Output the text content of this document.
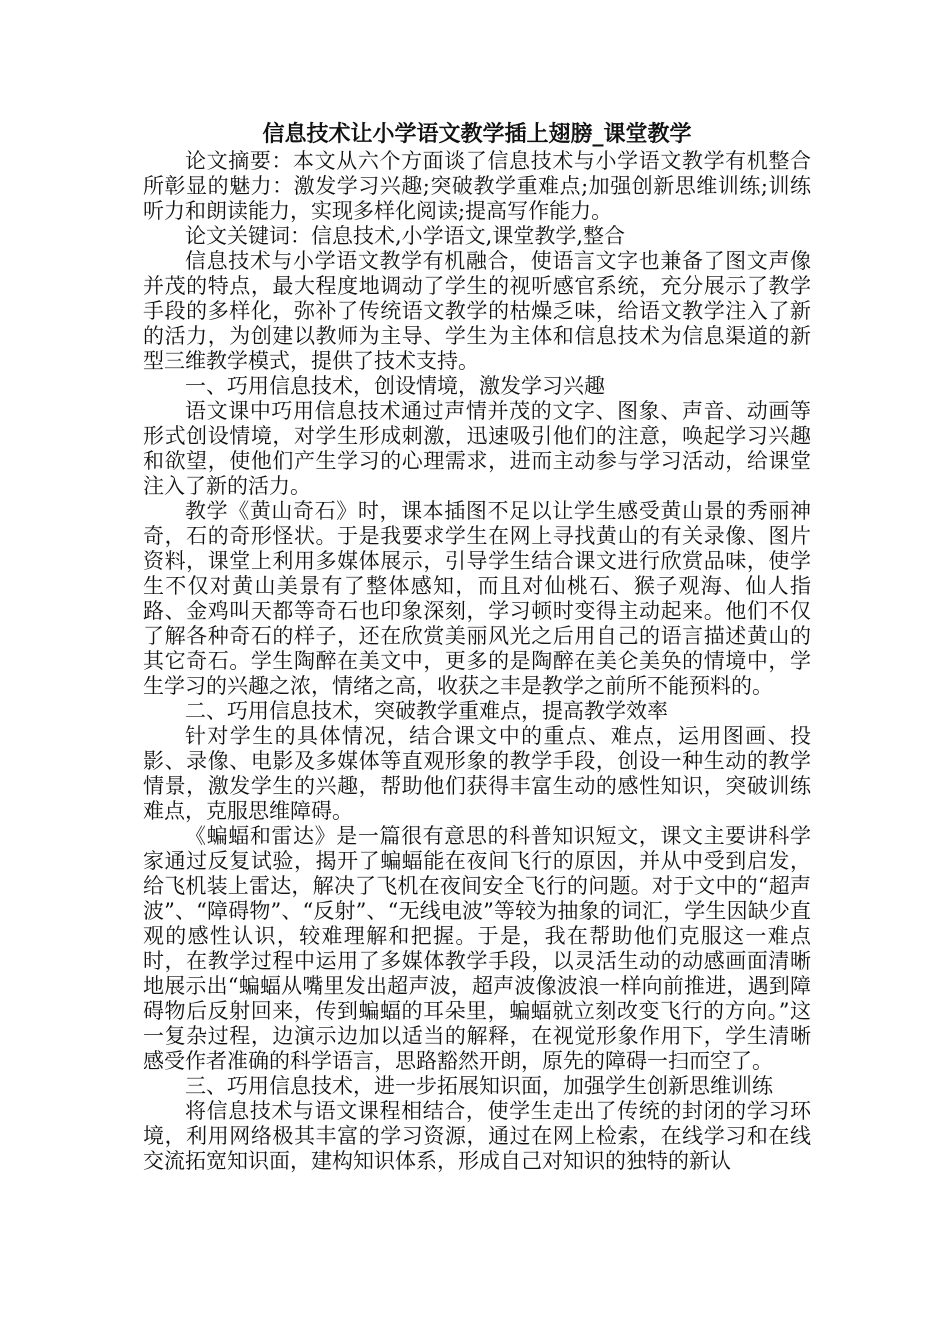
信息技术让小学语文教学插上翅膀_课堂教学

论文摘要：本文从六个方面谈了信息技术与小学语文教学有机整合所彰显的魅力：激发学习兴趣;突破教学重难点;加强创新思维训练;训练听力和朗读能力，实现多样化阅读;提高写作能力。

论文关键词：信息技术,小学语文,课堂教学,整合

信息技术与小学语文教学有机融合，使语言文字也兼备了图文声像并茂的特点，最大程度地调动了学生的视听感官系统，充分展示了教学手段的多样化，弥补了传统语文教学的枯燥乏味，给语文教学注入了新的活力，为创建以教师为主导、学生为主体和信息技术为信息渠道的新型三维教学模式，提供了技术支持。

一、巧用信息技术，创设情境，激发学习兴趣

语文课中巧用信息技术通过声情并茂的文字、图象、声音、动画等形式创设情境，对学生形成刺激，迅速吸引他们的注意，唤起学习兴趣和欲望，使他们产生学习的心理需求，进而主动参与学习活动，给课堂注入了新的活力。

教学《黄山奇石》时，课本插图不足以让学生感受黄山景的秀丽神奇，石的奇形怪状。于是我要求学生在网上寻找黄山的有关录像、图片资料，课堂上利用多媒体展示，引导学生结合课文进行欣赏品味，使学生不仅对黄山美景有了整体感知，而且对仙桃石、猴子观海、仙人指路、金鸡叫天都等奇石也印象深刻，学习顿时变得主动起来。他们不仅了解各种奇石的样子，还在欣赏美丽风光之后用自己的语言描述黄山的其它奇石。学生陶醉在美文中，更多的是陶醉在美仑美奂的情境中，学生学习的兴趣之浓，情绪之高，收获之丰是教学之前所不能预料的。

二、巧用信息技术，突破教学重难点，提高教学效率

针对学生的具体情况，结合课文中的重点、难点，运用图画、投影、录像、电影及多媒体等直观形象的教学手段，创设一种生动的教学情景，激发学生的兴趣，帮助他们获得丰富生动的感性知识，突破训练难点，克服思维障碍。

《蝙蝠和雷达》是一篇很有意思的科普知识短文，课文主要讲科学家通过反复试验，揭开了蝙蝠能在夜间飞行的原因，并从中受到启发，给飞机装上雷达，解决了飞机在夜间安全飞行的问题。对于文中的“超声波”、“障碍物”、“反射”、“无线电波”等较为抽象的词汇，学生因缺少直观的感性认识，较难理解和把握。于是，我在帮助他们克服这一难点时，在教学过程中运用了多媒体教学手段，以灵活生动的动感画面清晰地展示出“蝙蝠从嘴里发出超声波，超声波像波浪一样向前推进，遇到障碍物后反射回来，传到蝙蝠的耳朵里，蝙蝠就立刻改变飞行的方向。”这一复杂过程，边演示边加以适当的解释，在视觉形象作用下，学生清晰感受作者准确的科学语言，思路豁然开朗，原先的障碍一扫而空了。

三、巧用信息技术，进一步拓展知识面，加强学生创新思维训练

将信息技术与语文课程相结合，使学生走出了传统的封闭的学习环境，利用网络极其丰富的学习资源，通过在网上检索，在线学习和在线交流拓宽知识面，建构知识体系，形成自己对知识的独特的新认
